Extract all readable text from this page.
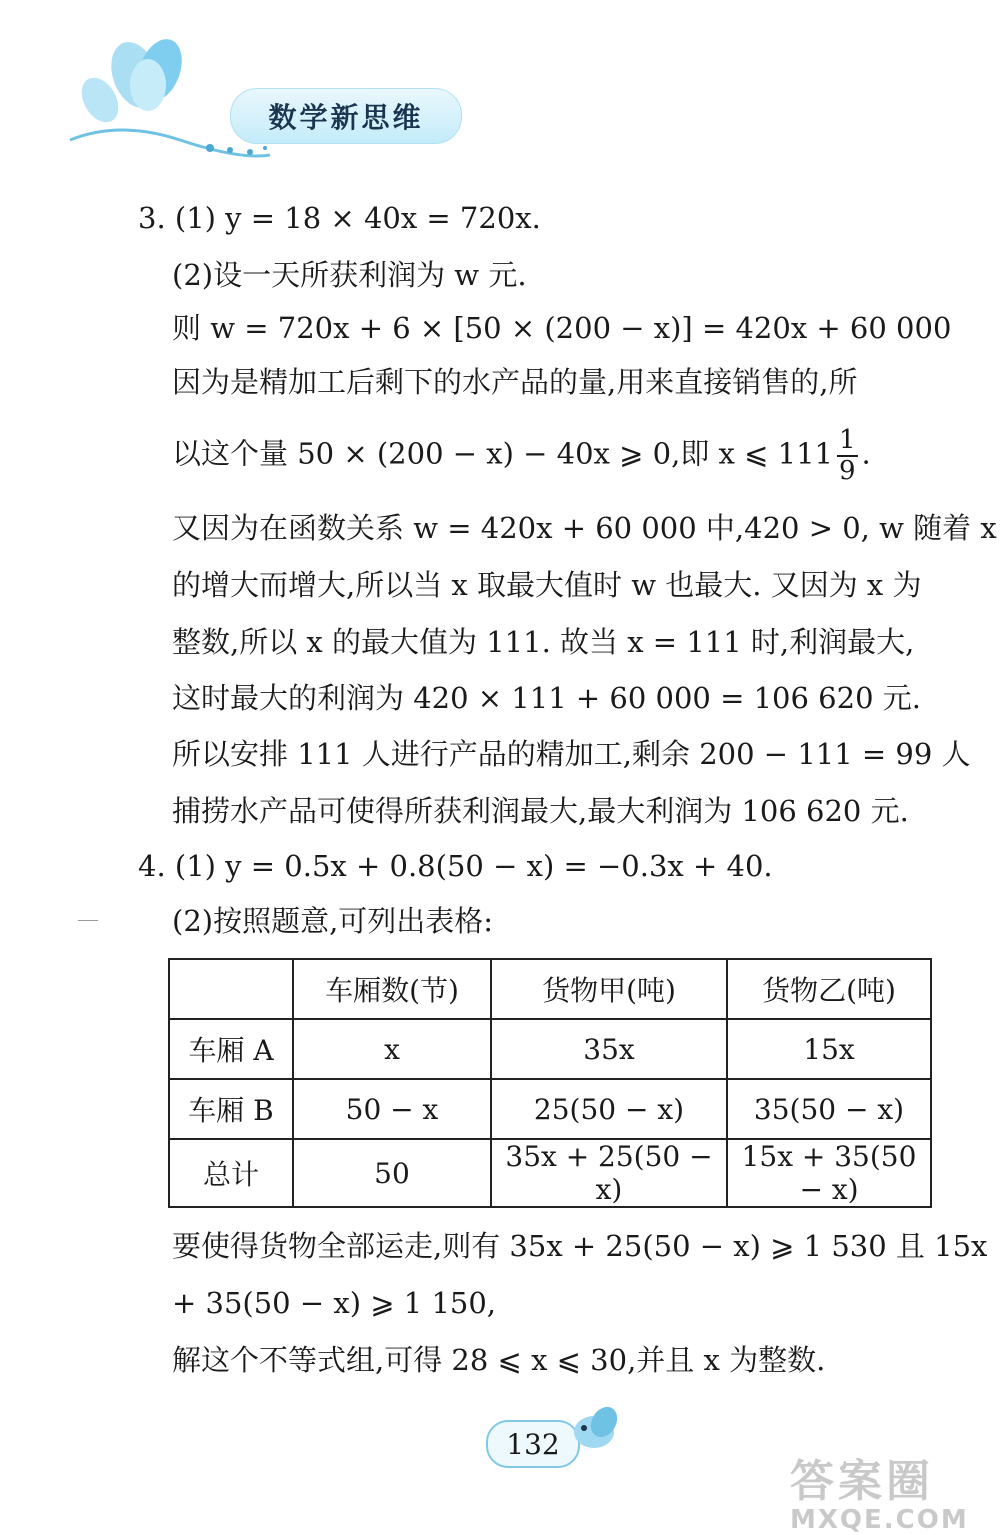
数学新思维
3. (1) y = 18 × 40x = 720x.
(2)设一天所获利润为 w 元.
则 w = 720x + 6 × [50 × (200 − x)] = 420x + 60 000
因为是精加工后剩下的水产品的量,用来直接销售的,所
以这个量 50 × (200 − x) − 40x ⩾ 0,即 x ⩽ $111 \frac{1}{9}$ .
又因为在函数关系 w = 420x + 60 000 中,420 > 0, w 随着 x
的增大而增大,所以当 x 取最大值时 w 也最大. 又因为 x 为
整数,所以 x 的最大值为 111. 故当 x = 111 时,利润最大,
这时最大的利润为 420 × 111 + 60 000 = 106 620 元.
所以安排 111 人进行产品的精加工,剩余 200 − 111 = 99 人
捕捞水产品可使得所获利润最大,最大利润为 106 620 元.
4. (1) y = 0.5x + 0.8(50 − x) = −0.3x + 40.
(2)按照题意,可列出表格:
	车厢数(节)	货物甲(吨)	货物乙(吨)
车厢 A	x	35x	15x
车厢 B	50 − x	25(50 − x)	35(50 − x)
总计	50	35x + 25(50 − x)	15x + 35(50 − x)
要使得货物全部运走,则有 35x + 25(50 − x) ⩾ 1 530 且 15x
+ 35(50 − x) ⩾ 1 150,
解这个不等式组,可得 28 ⩽ x ⩽ 30,并且 x 为整数.
132
答案圈
MXQE.COM
